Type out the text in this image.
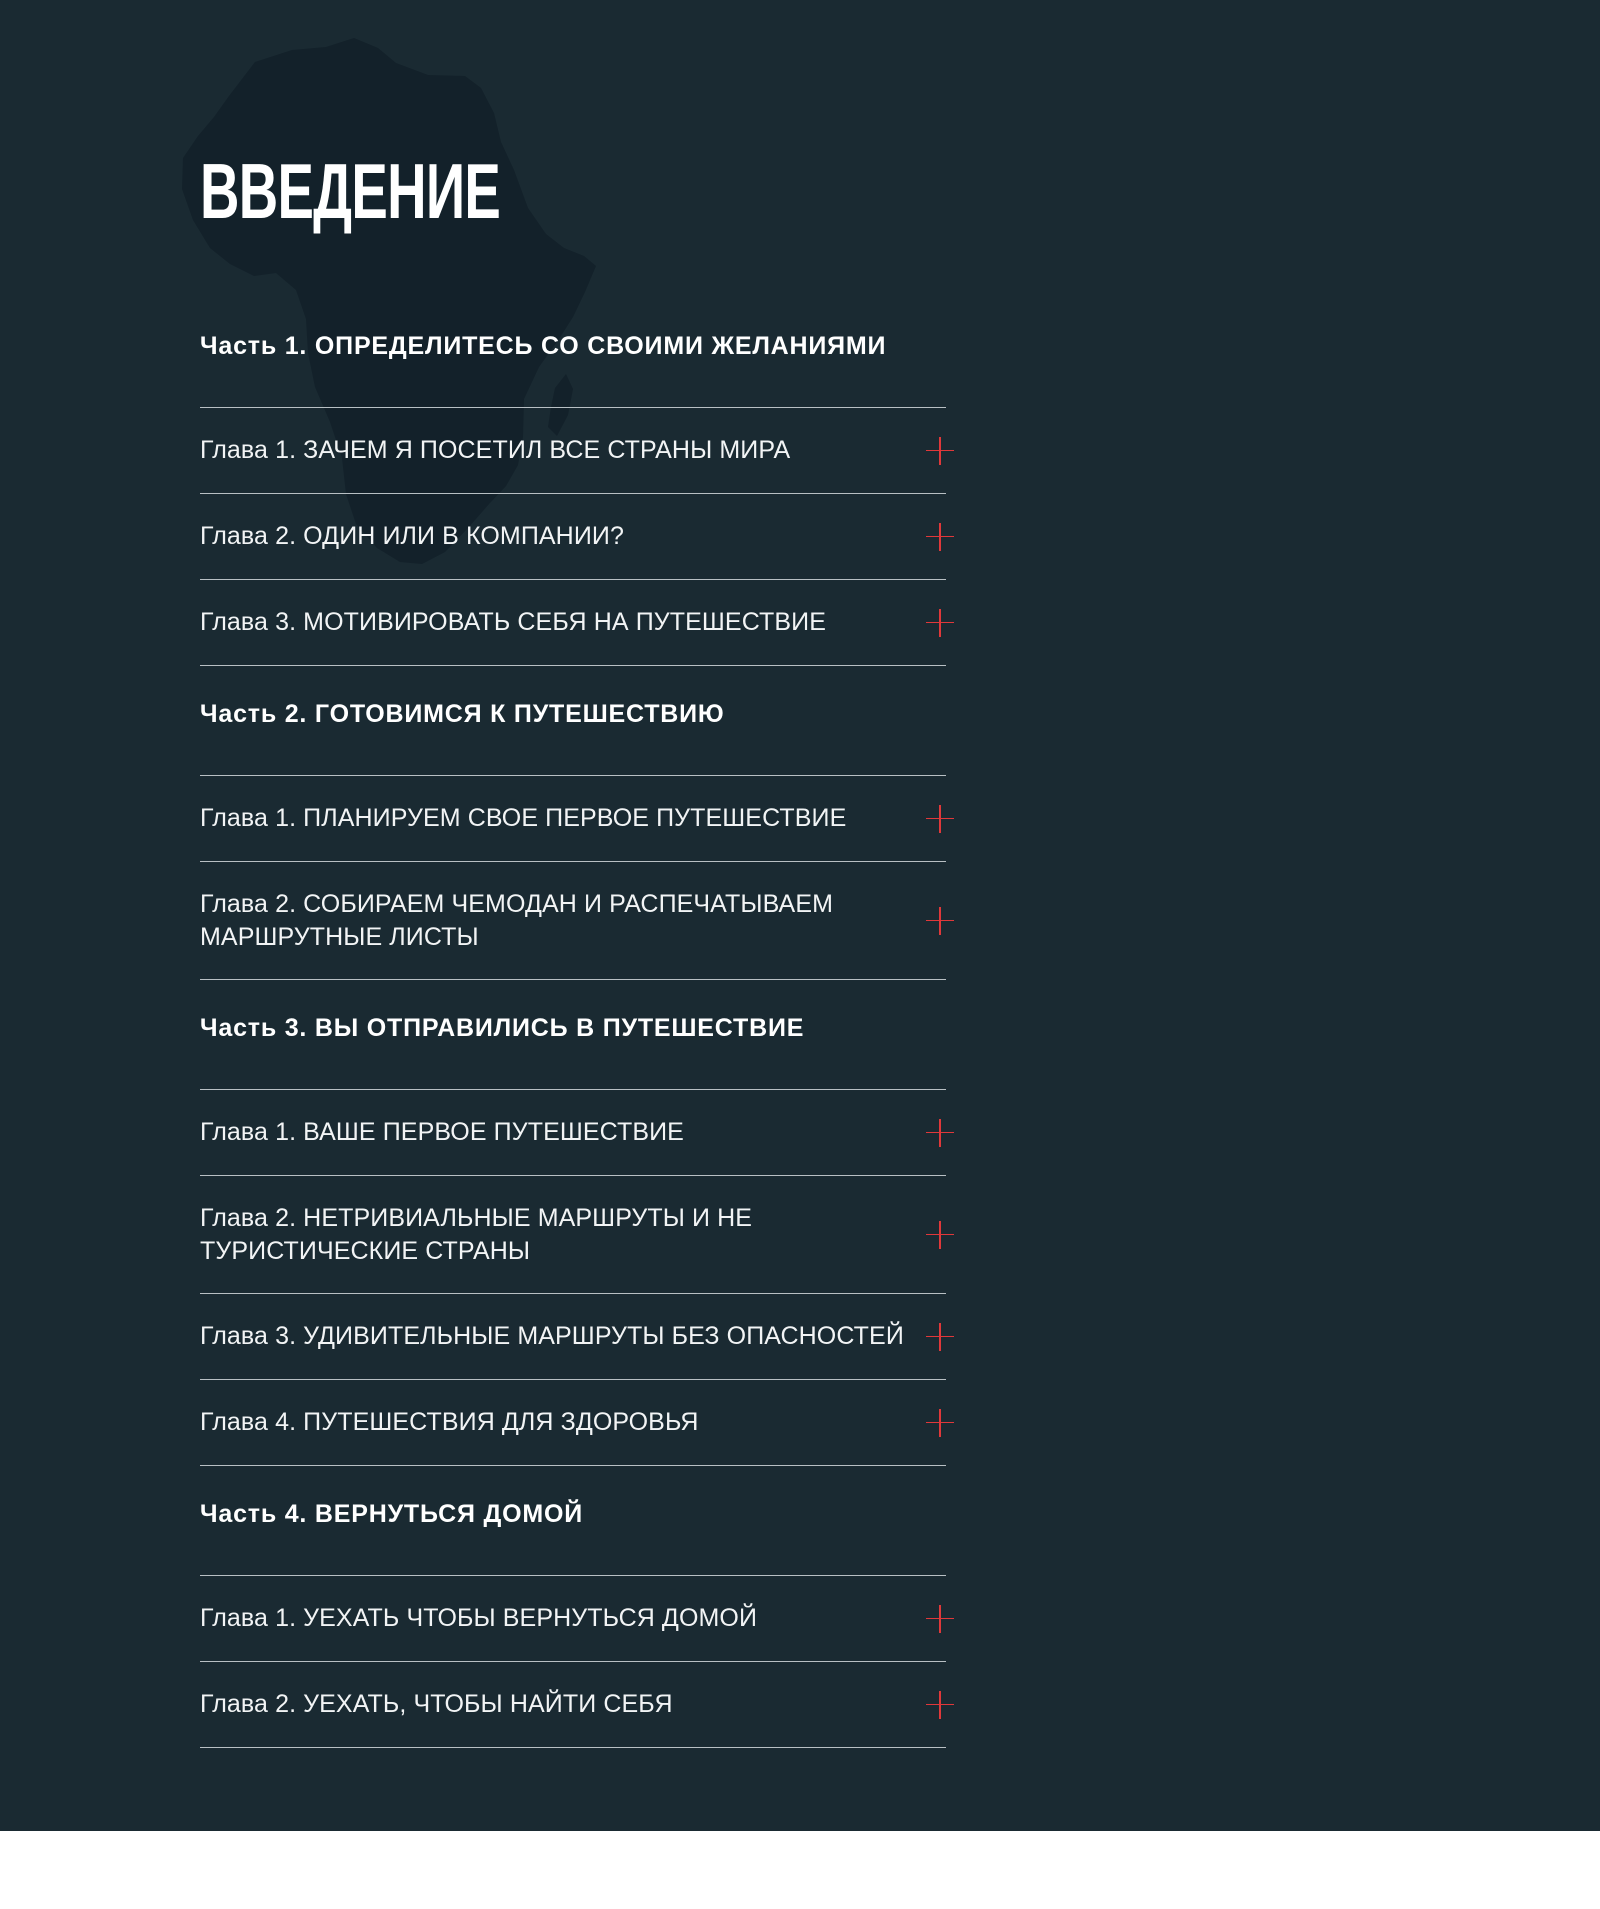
ВВЕДЕНИЕ
Часть 1. ОПРЕДЕЛИТЕСЬ СО СВОИМИ ЖЕЛАНИЯМИ
Глава 1. ЗАЧЕМ Я ПОСЕТИЛ ВСЕ СТРАНЫ МИРА
Глава 2. ОДИН ИЛИ В КОМПАНИИ?
Глава 3. МОТИВИРОВАТЬ СЕБЯ НА ПУТЕШЕСТВИЕ
Часть 2. ГОТОВИМСЯ К ПУТЕШЕСТВИЮ
Глава 1. ПЛАНИРУЕМ СВОЕ ПЕРВОЕ ПУТЕШЕСТВИЕ
Глава 2. СОБИРАЕМ ЧЕМОДАН И РАСПЕЧАТЫВАЕМ МАРШРУТНЫЕ ЛИСТЫ
Часть 3. ВЫ ОТПРАВИЛИСЬ В ПУТЕШЕСТВИЕ
Глава 1. ВАШЕ ПЕРВОЕ ПУТЕШЕСТВИЕ
Глава 2. НЕТРИВИАЛЬНЫЕ МАРШРУТЫ И НЕ ТУРИСТИЧЕСКИЕ СТРАНЫ
Глава 3. УДИВИТЕЛЬНЫЕ МАРШРУТЫ БЕЗ ОПАСНОСТЕЙ
Глава 4. ПУТЕШЕСТВИЯ ДЛЯ ЗДОРОВЬЯ
Часть 4. ВЕРНУТЬСЯ ДОМОЙ
Глава 1. УЕХАТЬ ЧТОБЫ ВЕРНУТЬСЯ ДОМОЙ
Глава 2. УЕХАТЬ, ЧТОБЫ НАЙТИ СЕБЯ
